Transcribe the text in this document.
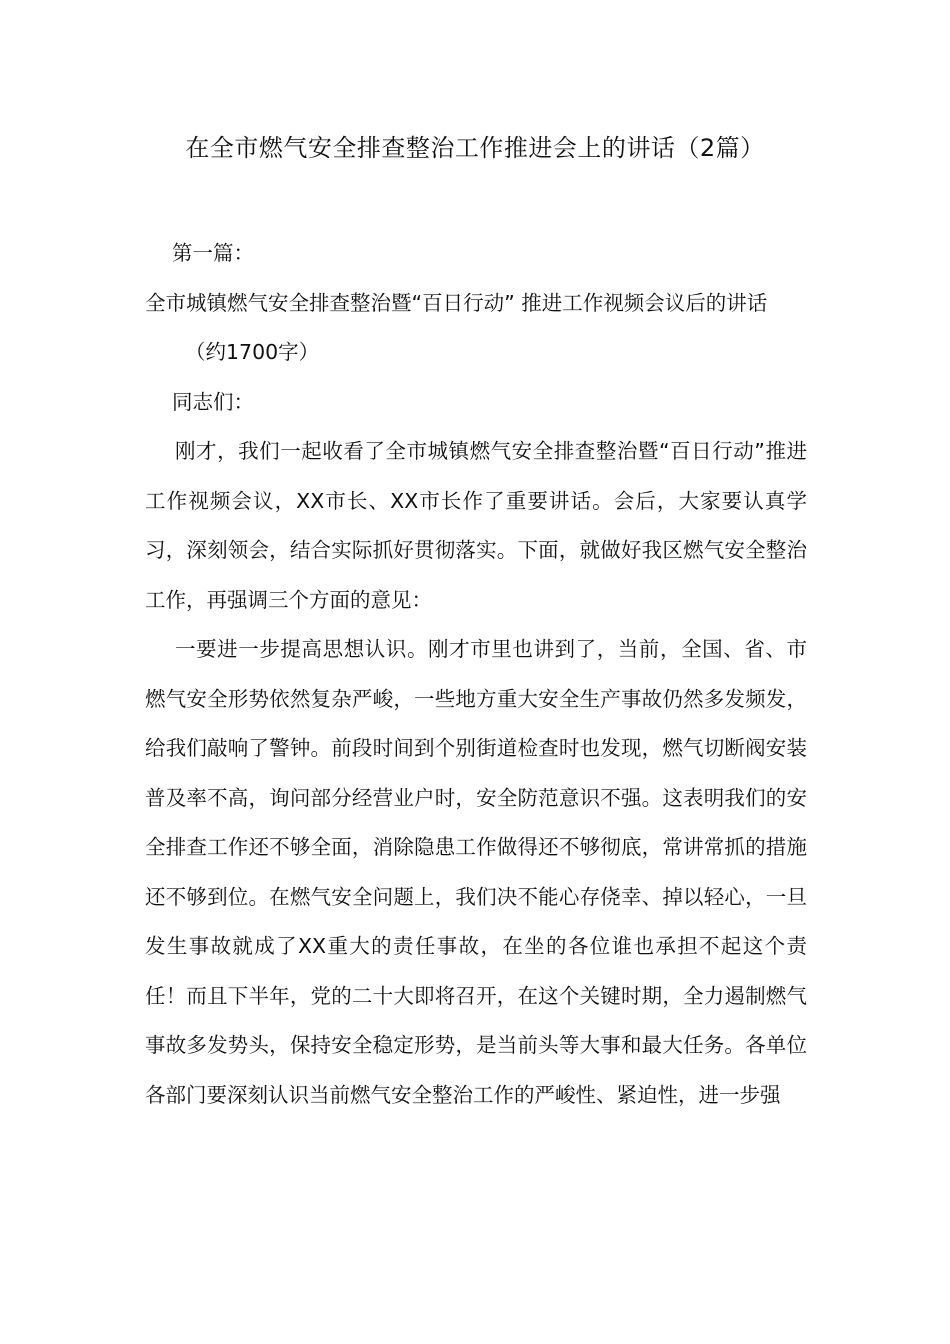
在全市燃气安全排查整治工作推进会上的讲话（2篇）

第一篇：

全市城镇燃气安全排查整治暨“百日行动” 推进工作视频会议后的讲话

（约1700字）

同志们：

刚才，我们一起收看了全市城镇燃气安全排查整治暨“百日行动”推进工作视频会议，XX市长、XX市长作了重要讲话。会后，大家要认真学习，深刻领会，结合实际抓好贯彻落实。下面，就做好我区燃气安全整治工作，再强调三个方面的意见：

一要进一步提高思想认识。刚才市里也讲到了，当前，全国、省、市燃气安全形势依然复杂严峻，一些地方重大安全生产事故仍然多发频发，给我们敲响了警钟。前段时间到个别街道检查时也发现，燃气切断阀安装普及率不高，询问部分经营业户时，安全防范意识不强。这表明我们的安全排查工作还不够全面，消除隐患工作做得还不够彻底，常讲常抓的措施还不够到位。在燃气安全问题上，我们决不能心存侥幸、掉以轻心，一旦发生事故就成了XX重大的责任事故，在坐的各位谁也承担不起这个责任！而且下半年，党的二十大即将召开，在这个关键时期，全力遏制燃气事故多发势头，保持安全稳定形势，是当前头等大事和最大任务。各单位各部门要深刻认识当前燃气安全整治工作的严峻性、紧迫性，进一步强
